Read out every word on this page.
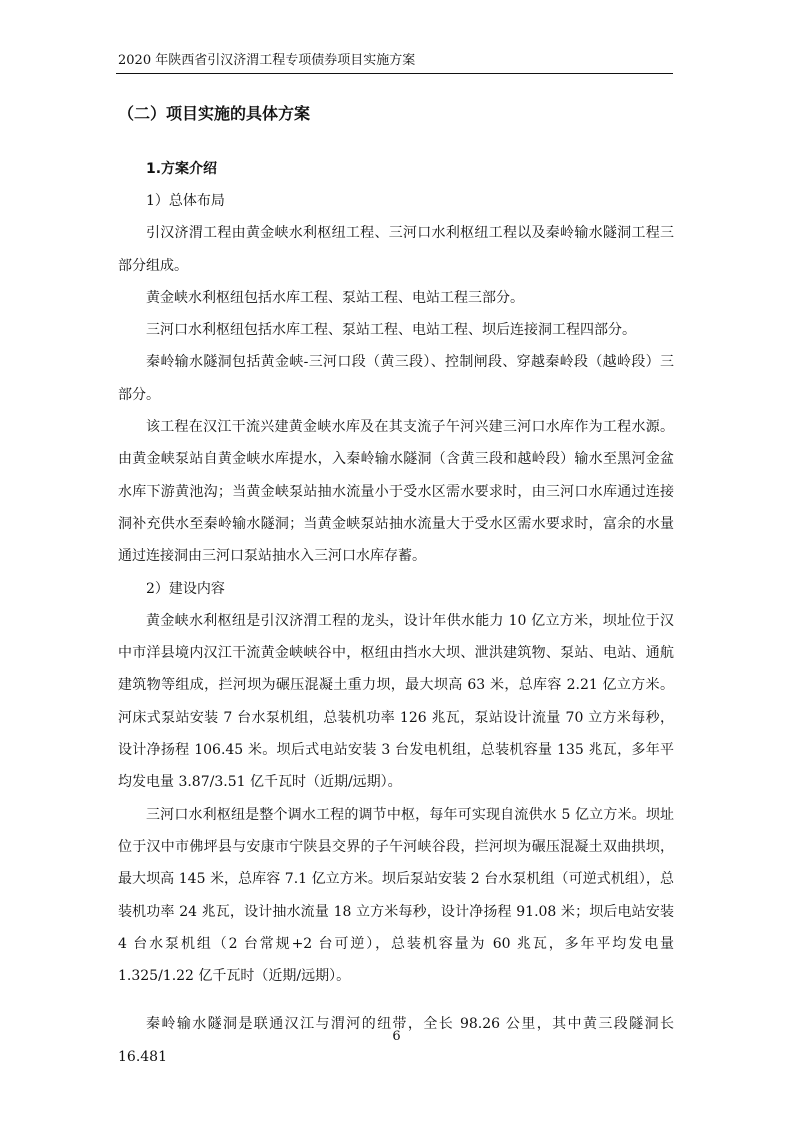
2020 年陕西省引汉济渭工程专项债券项目实施方案
（二）项目实施的具体方案

1.方案介绍

1）总体布局

引汉济渭工程由黄金峡水利枢纽工程、三河口水利枢纽工程以及秦岭输水隧洞工程三部分组成。

黄金峡水利枢纽包括水库工程、泵站工程、电站工程三部分。

三河口水利枢纽包括水库工程、泵站工程、电站工程、坝后连接洞工程四部分。

秦岭输水隧洞包括黄金峡-三河口段（黄三段）、控制闸段、穿越秦岭段（越岭段）三部分。

该工程在汉江干流兴建黄金峡水库及在其支流子午河兴建三河口水库作为工程水源。由黄金峡泵站自黄金峡水库提水，入秦岭输水隧洞（含黄三段和越岭段）输水至黑河金盆水库下游黄池沟；当黄金峡泵站抽水流量小于受水区需水要求时，由三河口水库通过连接洞补充供水至秦岭输水隧洞；当黄金峡泵站抽水流量大于受水区需水要求时，富余的水量通过连接洞由三河口泵站抽水入三河口水库存蓄。

2）建设内容

黄金峡水利枢纽是引汉济渭工程的龙头，设计年供水能力 10 亿立方米，坝址位于汉中市洋县境内汉江干流黄金峡峡谷中，枢纽由挡水大坝、泄洪建筑物、泵站、电站、通航建筑物等组成，拦河坝为碾压混凝土重力坝，最大坝高 63 米，总库容 2.21 亿立方米。河床式泵站安装 7 台水泵机组，总装机功率 126 兆瓦，泵站设计流量 70 立方米每秒，设计净扬程 106.45 米。坝后式电站安装 3 台发电机组，总装机容量 135 兆瓦，多年平均发电量 3.87/3.51 亿千瓦时（近期/远期）。

三河口水利枢纽是整个调水工程的调节中枢，每年可实现自流供水 5 亿立方米。坝址位于汉中市佛坪县与安康市宁陕县交界的子午河峡谷段，拦河坝为碾压混凝土双曲拱坝，最大坝高 145 米，总库容 7.1 亿立方米。坝后泵站安装 2 台水泵机组（可逆式机组），总装机功率 24 兆瓦，设计抽水流量 18 立方米每秒，设计净扬程 91.08 米；坝后电站安装 4 台水泵机组（2 台常规+2 台可逆），总装机容量为 60 兆瓦，多年平均发电量 1.325/1.22 亿千瓦时（近期/远期）。

秦岭输水隧洞是联通汉江与渭河的纽带，全长 98.26 公里，其中黄三段隧洞长 16.481

6
